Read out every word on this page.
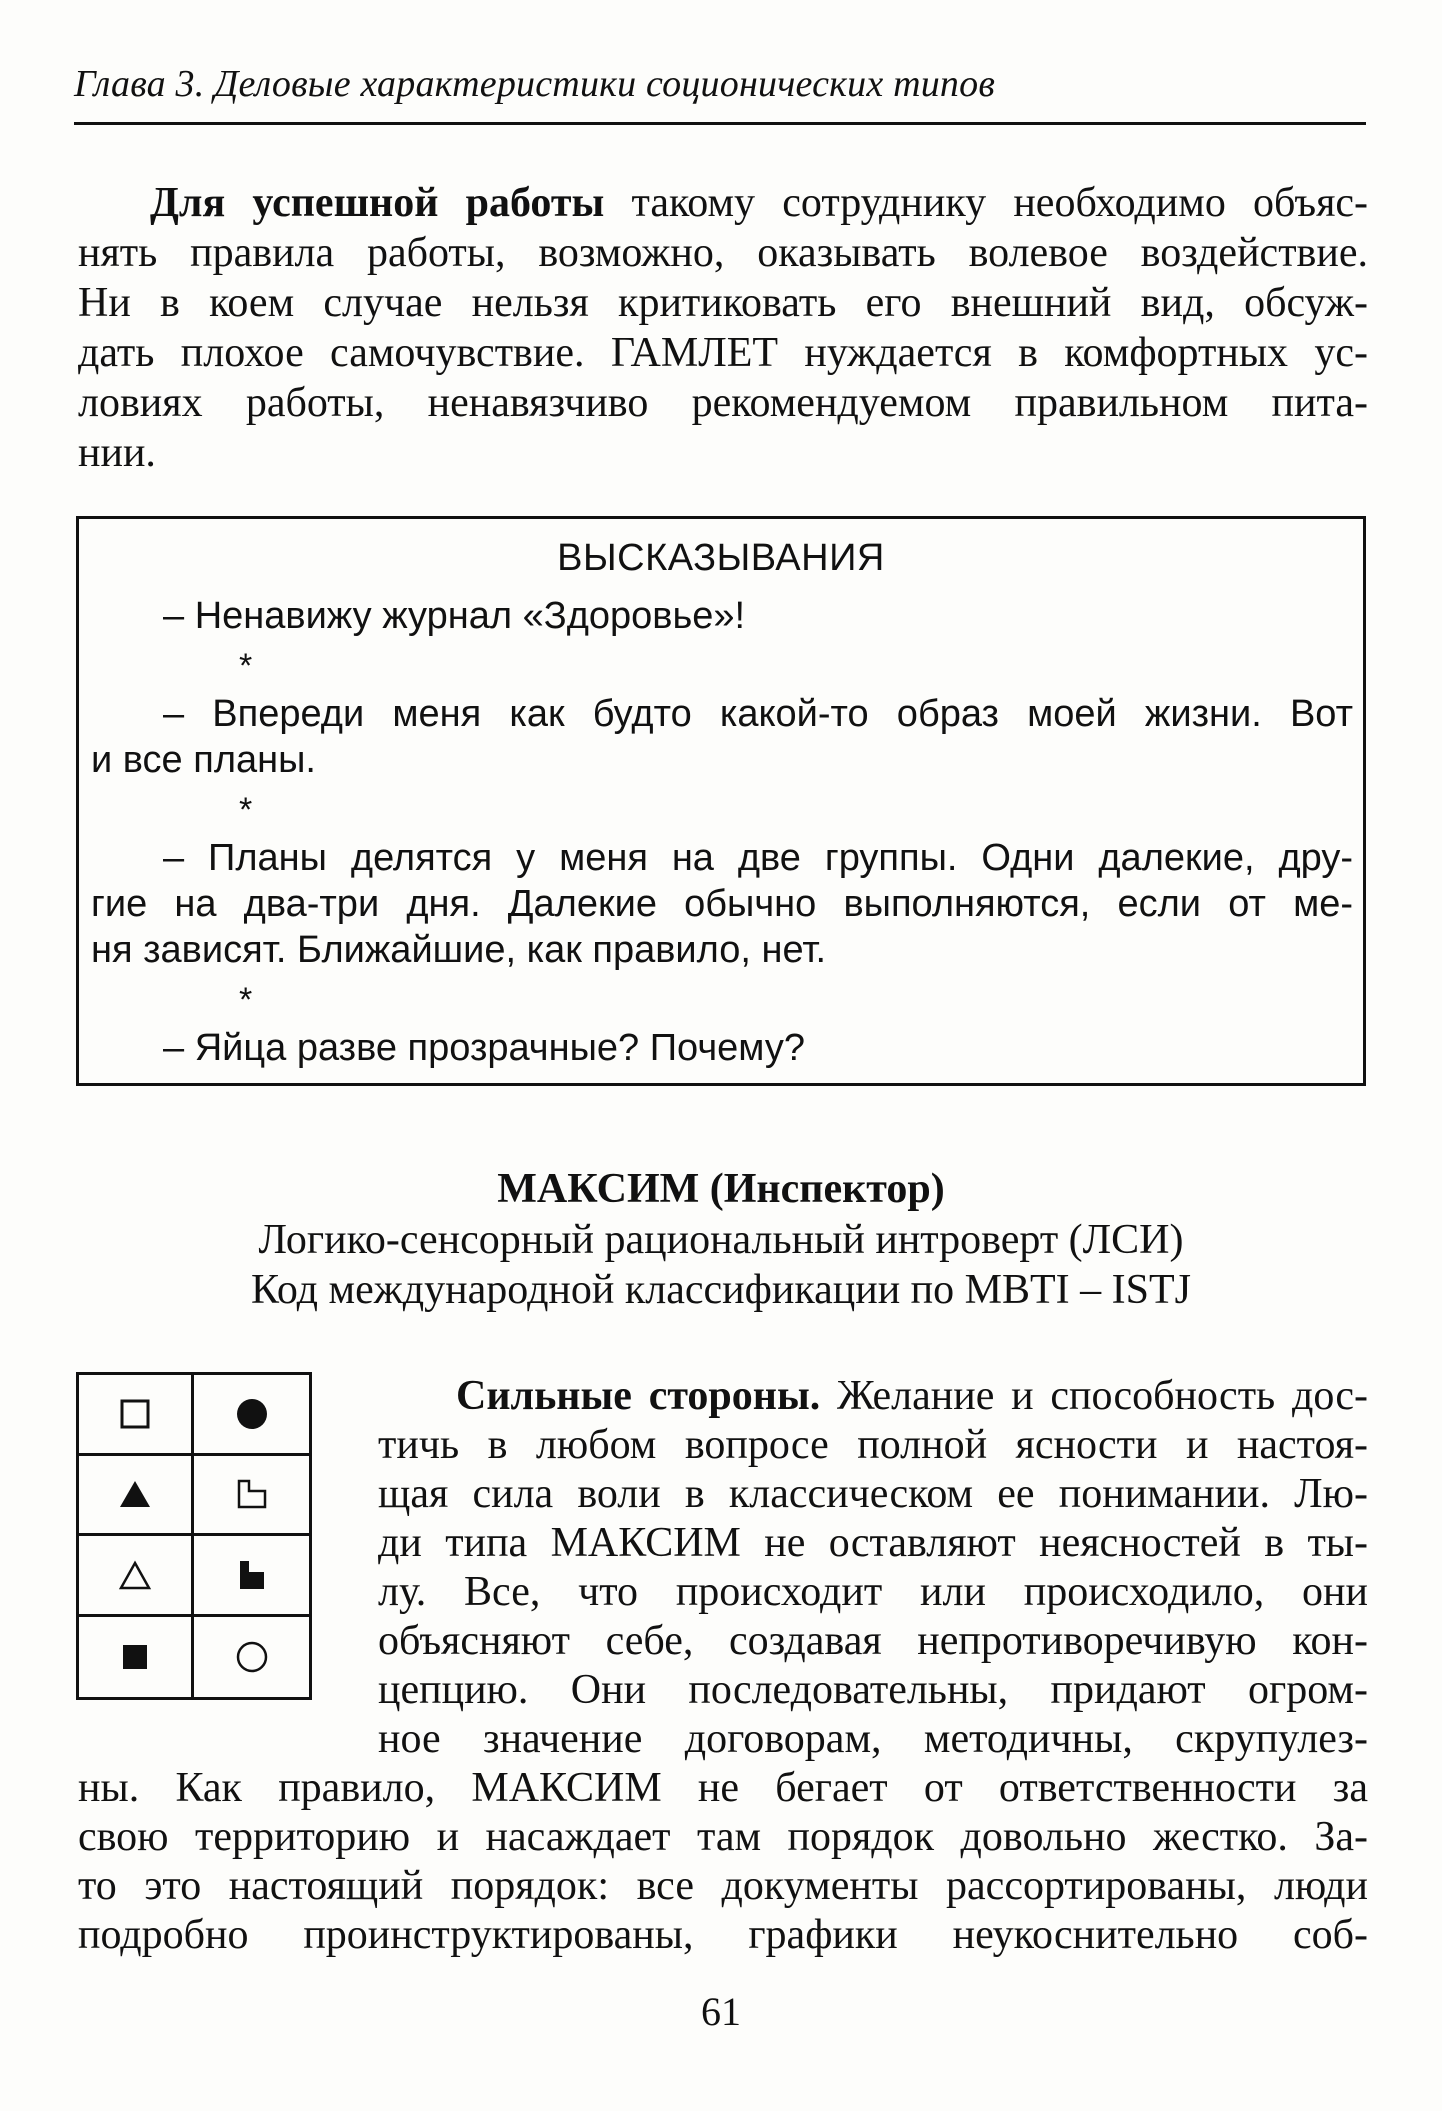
Глава 3. Деловые характеристики соционических типов
Для успешной работы такому сотруднику необходимо объяс-
нять правила работы, возможно, оказывать волевое воздействие.
Ни в коем случае нельзя критиковать его внешний вид, обсуж-
дать плохое самочувствие. ГАМЛЕТ нуждается в комфортных ус-
ловиях работы, ненавязчиво рекомендуемом правильном пита-
нии.
ВЫСКАЗЫВАНИЯ
– Ненавижу журнал «Здоровье»!
*
– Впереди меня как будто какой-то образ моей жизни. Вот
и все планы.
*
– Планы делятся у меня на две группы. Одни далекие, дру-
гие на два-три дня. Далекие обычно выполняются, если от ме-
ня зависят. Ближайшие, как правило, нет.
*
– Яйца разве прозрачные? Почему?
МАКСИМ (Инспектор)
Логико-сенсорный рациональный интроверт (ЛСИ)
Код международной классификации по MBTI – ISTJ
Сильные стороны. Желание и способность дос-
тичь в любом вопросе полной ясности и настоя-
щая сила воли в классическом ее понимании. Лю-
ди типа МАКСИМ не оставляют неясностей в ты-
лу. Все, что происходит или происходило, они
объясняют себе, создавая непротиворечивую кон-
цепцию. Они последовательны, придают огром-
ное значение договорам, методичны, скрупулез-
ны. Как правило, МАКСИМ не бегает от ответственности за
свою территорию и насаждает там порядок довольно жестко. За-
то это настоящий порядок: все документы рассортированы, люди
подробно проинструктированы, графики неукоснительно соб-
61
